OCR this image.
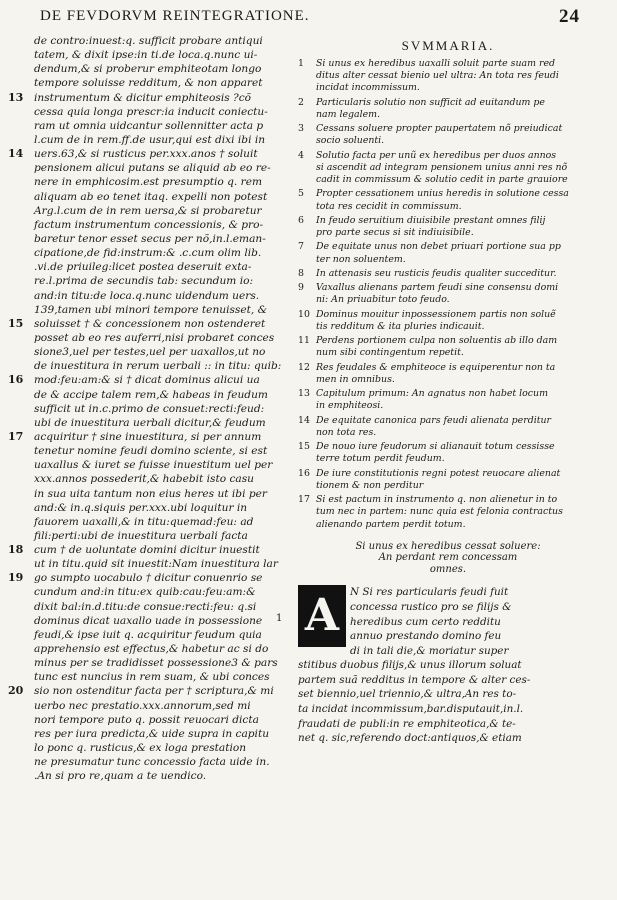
DE FEVDORVM REINTEGRATIONE.	24
de contro:inuest:q. sufficit probare antiqui
tatem, & dixit ipse:in ti.de loca.q.nunc ui-
dendum,& si proberur emphiteotam longo
tempore soluisse redditum, & non apparet
13 instrumentum & dicitur emphiteosis ?cõ
cessa quia longa prescr:ia inducit coniectu-
ram ut omnia uidcantur sollennitter acta p
l.cum de in rem.ff.de usur,qui est dixi ibi in
14 uers.63,& si rusticus per.xxx.anos † soluit
pensionem alicui putans se aliquid ab eo re-
nere in emphicosim.est presumptio q. rem
aliquam ab eo tenet itaq. expelli non potest
Arg.l.cum de in rem uersa,& si probaretur
factum instrumentum concessionis, & pro-
baretur tenor esset secus per nõ,in.l.eman-
cipatione,de fid:instrum:& .c.cum olim lib.
.vi.de priuileg:licet postea deseruit exta-
re.l.prima de secundis tab: secundum io:
and:in titu:de loca.q.nunc uidendum uers.
139,tamen ubi minori tempore tenuisset, &
15 soluisset † & concessionem non ostenderet
posset ab eo res auferri,nisi probaret conces
sione3,uel per testes,uel per uaxallos,ut no
de inuestitura in rerum uerbali :: in titu: quib:
16 mod:feu:am:& si † dicat dominus alicui ua
de & accipe talem rem,& habeas in feudum
sufficit ut in.c.primo de consuet:recti:feud:
ubi de inuestitura uerbali dicitur,& feudum
17 acquiritur † sine inuestitura, si per annum
tenetur nomine feudi domino sciente, si est
uaxallus & iuret se fuisse inuestitum uel per
xxx.annos possederit,& habebit isto casu
in sua uita tantum non eius heres ut ibi per
and:& in.q.siquis per.xxx.ubi loquitur in
fauorem uaxalli,& in titu:quemad:feu: ad
fili:perti:ubi de inuestitura uerbali facta
18 cum † de uoluntate domini dicitur inuestit
ut in titu.quid sit inuestit:Nam inuestitura lar
19 go sumpto uocabulo † dicitur conuenrio se
cundum and:in titu:ex quib:cau:feu:am:&
dixit bal:in.d.titu:de consue:recti:feu: q.si
dominus dicat uaxallo uade in possessione
feudi,& ipse iuit q. acquiritur feudum quia
apprehensio est effectus,& habetur ac si do
minus per se tradidisset possessione3 & pars
tunc est nuncius in rem suam, & ubi conces
20 sio non ostenditur facta per † scriptura,& mi
uerbo nec prestatio.xxx.annorum,sed mi
nori tempore puto q. possit reuocari dicta
res per iura predicta,& uide supra in capitu
lo ponc q. rusticus,& ex loga prestation
ne presumatur tunc concessio facta uide in.
.An si pro re,quam a te uendico.
SVMMARIA.
1	Si unus ex heredibus uaxalli soluit parte suam red
ditus alter cessat bienio uel ultra: An tota res feudi
incidat incommissum.
2	Particularis solutio non sufficit ad euitandum pe
nam legalem.
3	Cessans soluere propter paupertatem nõ preiudicat
socio soluenti.
4	Solutio facta per unũ ex heredibus per duos annos
si ascendit ad integram pensionem unius anni res nõ
cadit in commissum & solutio cedit in parte grauiore
5	Propter cessationem unius heredis in solutione cessa
tota res cecidit in commissum.
6	In feudo seruitium diuisibile prestant omnes filij
pro parte secus si sit indiuisibile.
7	De equitate unus non debet priuari portione sua pp
ter non soluentem.
8	In attenasis seu rusticis feudis qualiter succeditur.
9	Vaxallus alienans partem feudi sine consensu domi
ni: An priuabitur toto feudo.
10 Dominus mouitur inpossessionem partis non soluẽ
tis redditum & ita pluries indicauit.
11 Perdens portionem culpa non soluentis ab illo dam
num sibi contingentum repetit.
12 Res feudales & emphiteoce is equiperentur non ta
men in omnibus.
13 Capitulum primum: An agnatus non habet locum
in emphiteosi.
14 De equitate canonica pars feudi alienata perditur
non tota res.
15 De nouo iure feudorum si alianauit totum cessisse
terre totum perdit feudum.
16 De iure constitutionis regni potest reuocare alienat
tionem & non perditur
17 Si est pactum in instrumento q. non alienetur in to
tum nec in partem: nunc quia est felonia contractus
alienando partem perdit totum.
Si unus ex heredibus cessat soluere:
An perdant rem concessam
omnes.
A
1
N Si res particularis feudi fuit
concessa rustico pro se filijs &
heredibus cum certo redditu
annuo prestando domino feu
di in tali die,& moriatur super
stitibus duobus filijs,& unus illorum soluat
partem suã redditus in tempore & alter ces-
set biennio,uel triennio,& ultra,An res to-
ta incidat incommissum,bar.disputauit,in.l.
fraudati de publi:in re emphiteotica,& te-
net q. sic,referendo doct:antiquos,& etiam
